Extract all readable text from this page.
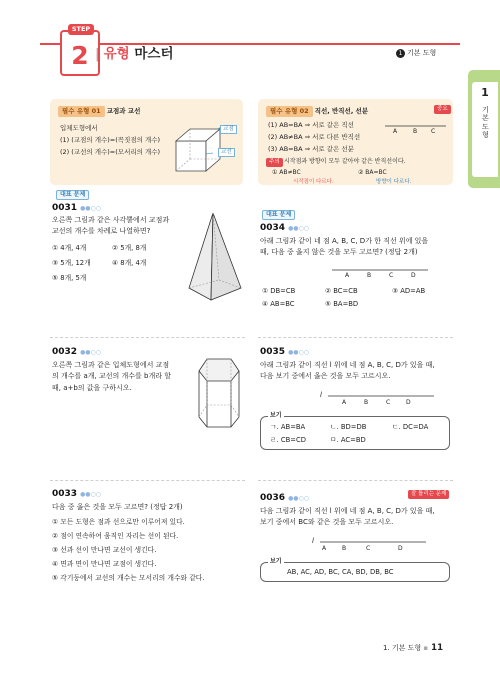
STEP
2 | 유형 마스터	1 기본 도형
1
기본 도형
필수 유형 01 교점과 교선
입체도형에서
(1) (교점의 개수)=(꼭짓점의 개수)
(2) (교선의 개수)=(모서리의 개수)
교점
교선
필수 유형 02 직선, 반직선, 선분	중요
(1) AB=BA ⇒ 서로 같은 직선
(2) AB≠BA ⇒ 서로 다른 반직선
(3) AB=BA ⇒ 서로 같은 선분
A	B C
주의 시작점과 방향이 모두 같아야 같은 반직선이다.
① AB≠BC	② BA=BC
시작점이 다르다.	방향이 다르다.
대표 문제
0031 ●●○○
오른쪽 그림과 같은 사각뿔에서 교점과
교선의 개수를 차례로 나열하면?
① 4개, 4개	② 5개, 8개
③ 5개, 12개	④ 8개, 4개
⑤ 8개, 5개
0032 ●●○○
오른쪽 그림과 같은 입체도형에서 교점
의 개수를 a개, 교선의 개수를 b개라 할
때, a+b의 값을 구하시오.
0033 ●●○○
다음 중 옳은 것을 모두 고르면? (정답 2개)
① 모든 도형은 점과 선으로만 이루어져 있다.
② 점이 연속하여 움직인 자리는 선이 된다.
③ 선과 선이 만나면 교선이 생긴다.
④ 면과 면이 만나면 교점이 생긴다.
⑤ 각기둥에서 교선의 개수는 모서리의 개수와 같다.
대표 문제
0034 ●●○○
아래 그림과 같이 네 점 A, B, C, D가 한 직선 위에 있을
때, 다음 중 옳지 않은 것을 모두 고르면? (정답 2개)
A	B	C	D
① DB=CB	② BC=CB	③ AD=AB
④ AB=BC	⑤ BA=BD
0035 ●●○○
아래 그림과 같이 직선 l 위에 네 점 A, B, C, D가 있을 때,
다음 보기 중에서 옳은 것을 모두 고르시오.
l
A	B	C	D
보기
ㄱ. AB=BA	ㄴ. BD=DB	ㄷ. DC=DA
ㄹ. CB=CD	ㅁ. AC=BD
0036 ●●○○
잘 틀리는 문제
다음 그림과 같이 직선 l 위에 네 점 A, B, C, D가 있을 때,
보기 중에서 BC와 같은 것을 모두 고르시오.
l
A	B	C	D
보기
AB, AC, AD, BC, CA, BD, DB, BC
1. 기본 도형 ▪ 11
